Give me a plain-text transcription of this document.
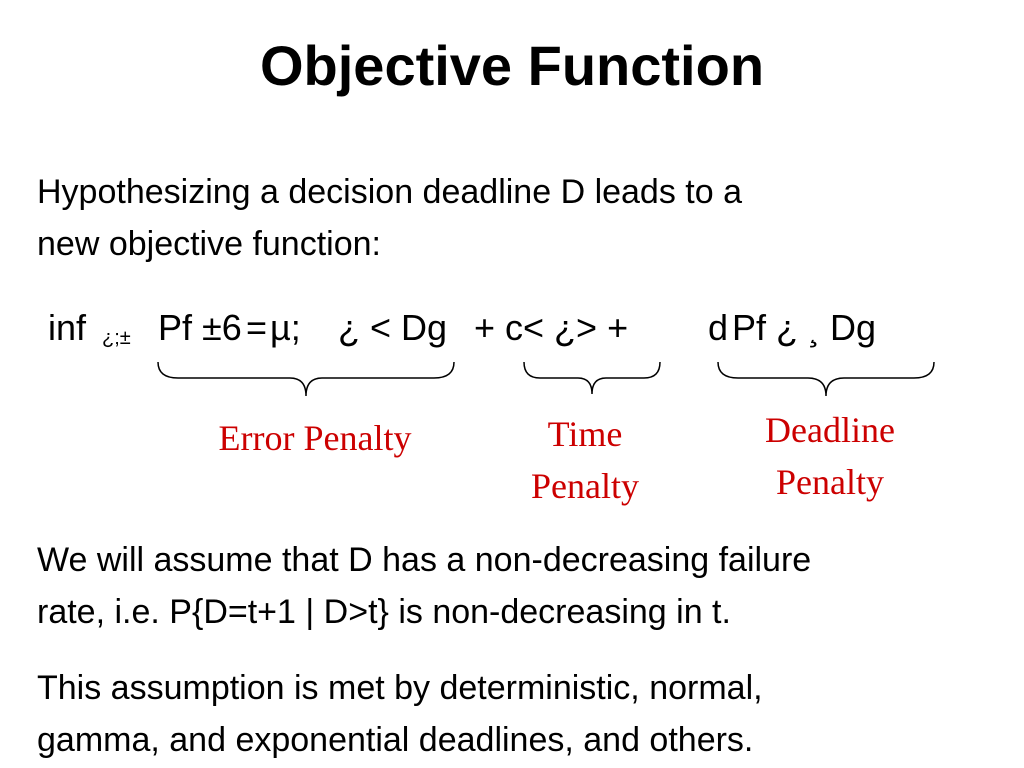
Objective Function
Hypothesizing a decision deadline D leads to a
new objective function:
inf ¿;± Pf ±6 = µ; ¿ < Dg + c< ¿> + d Pf ¿ ¸ Dg
Error Penalty	Time
Penalty
Deadline
Penalty
We will assume that D has a non-decreasing failure
rate, i.e. P{D=t+1 | D>t} is non-decreasing in t.
This assumption is met by deterministic, normal,
gamma, and exponential deadlines, and others.
